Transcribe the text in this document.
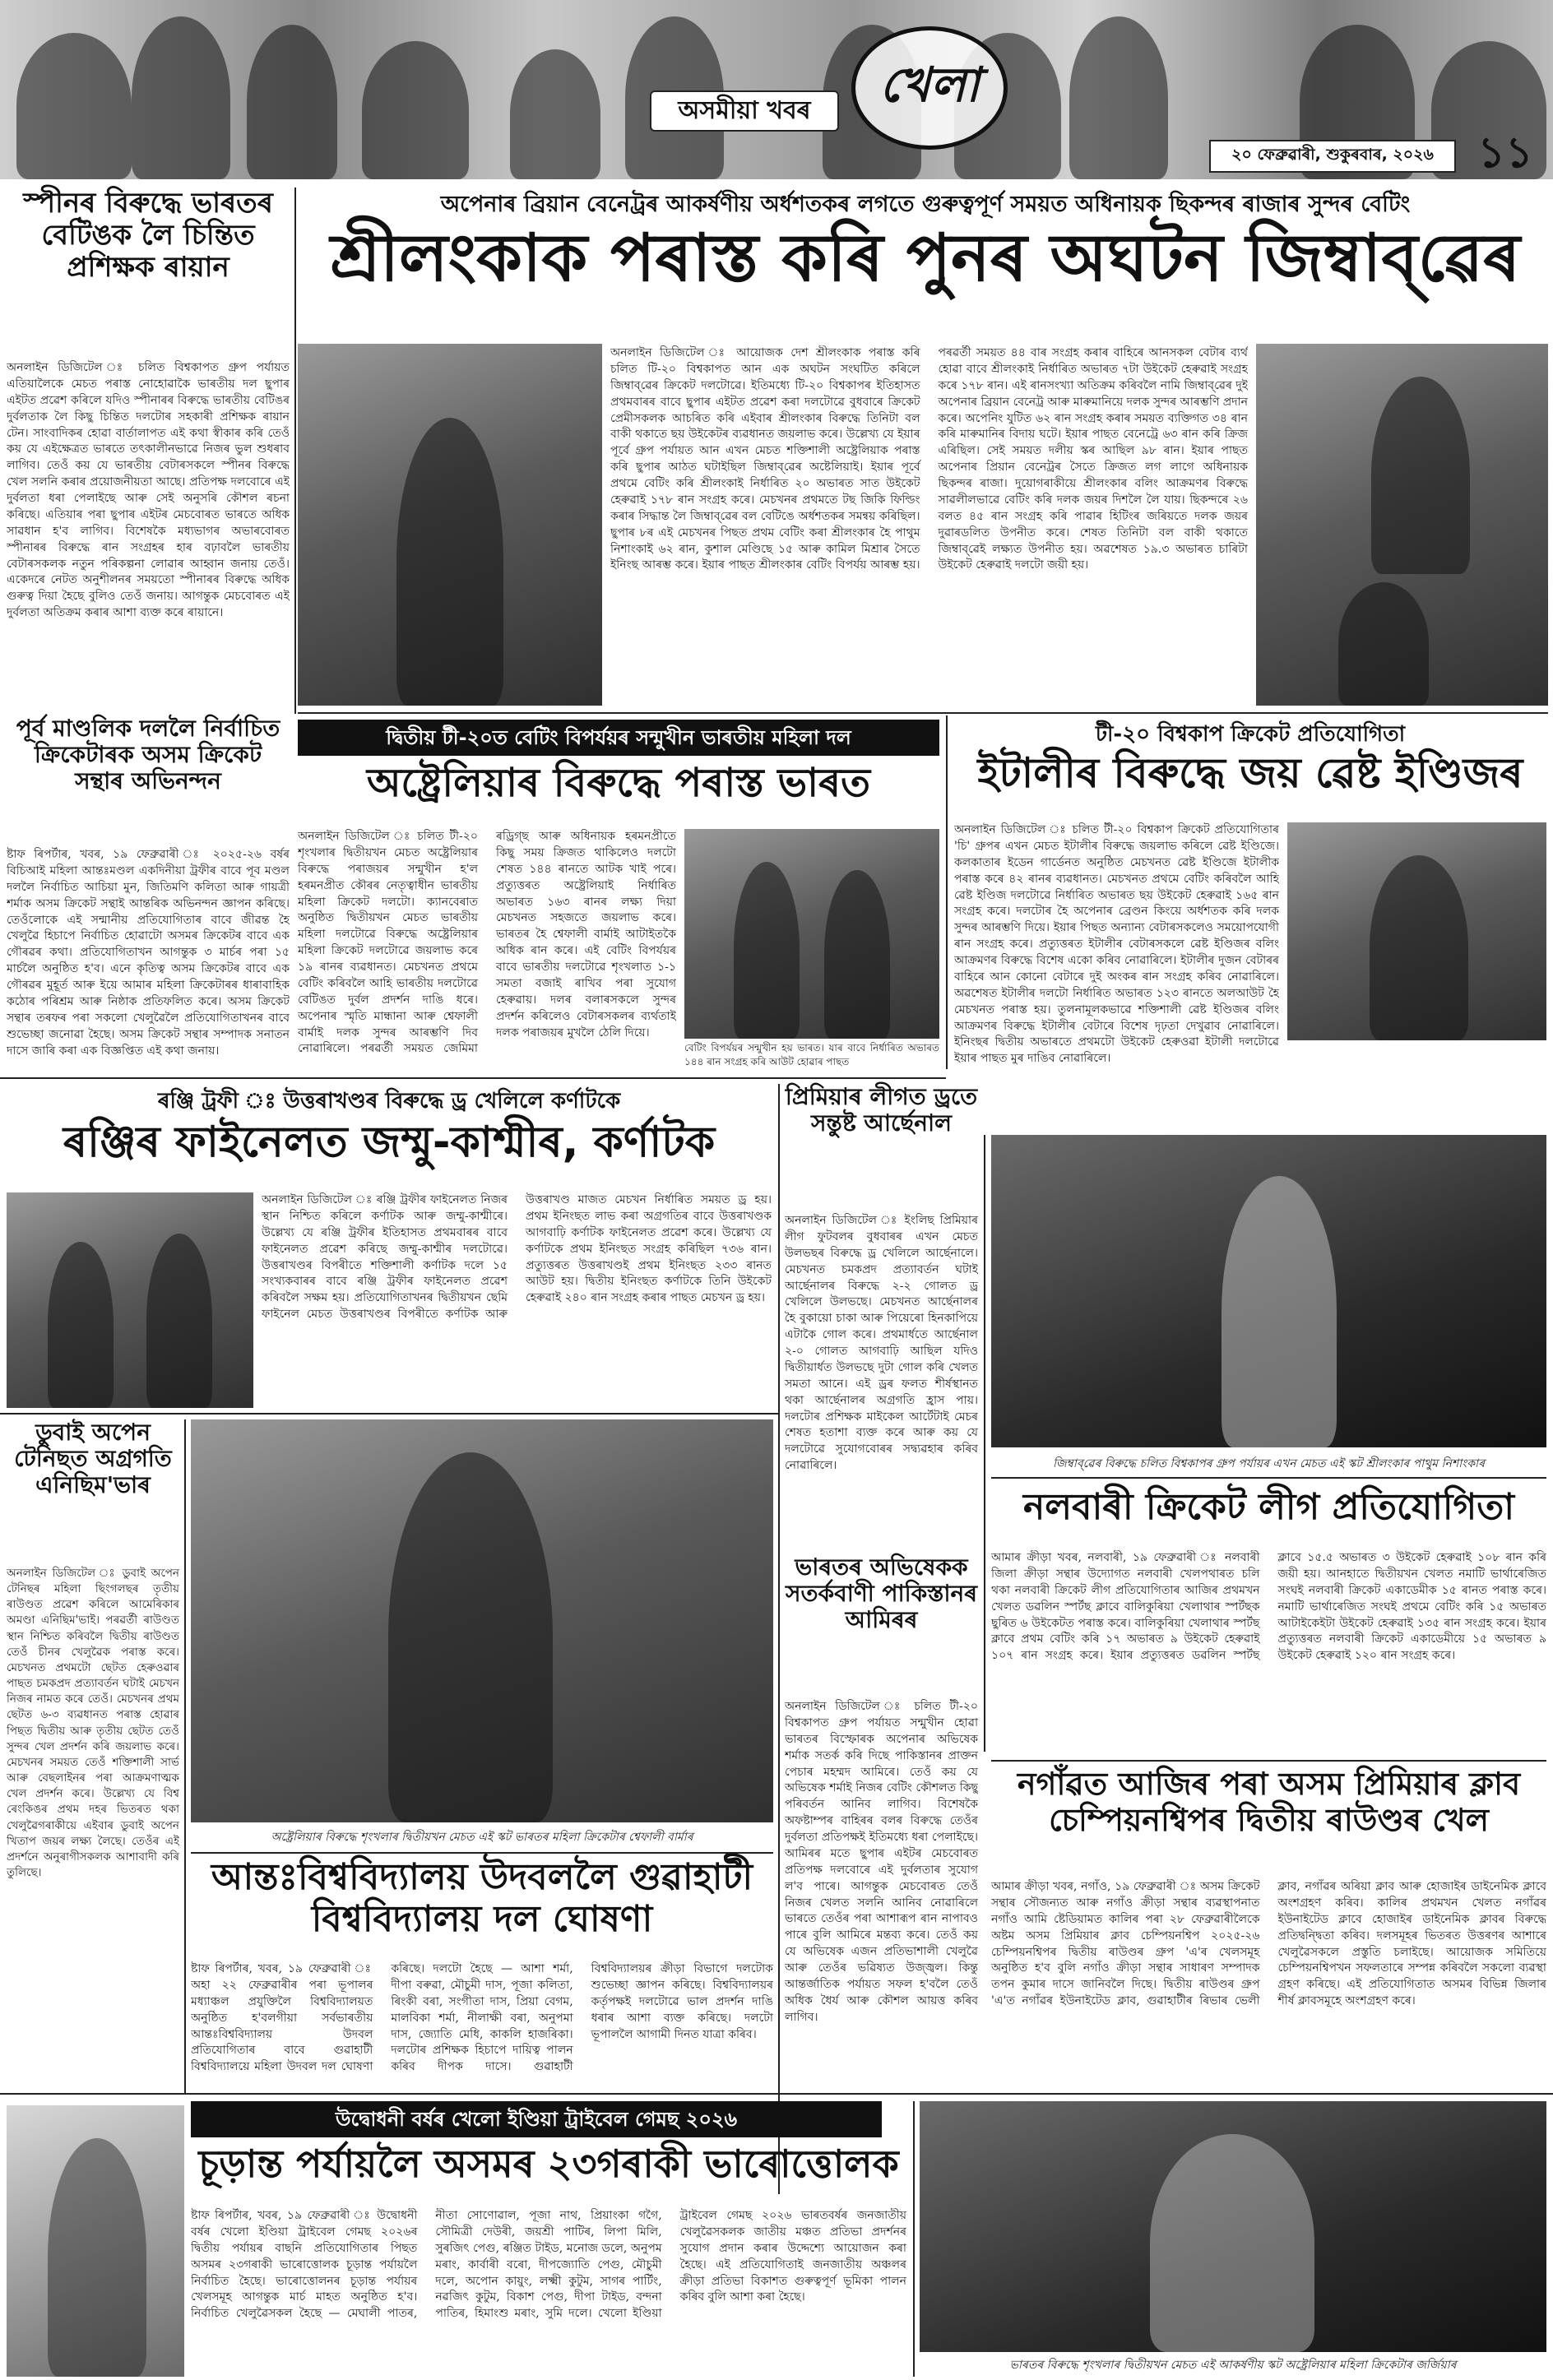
অসমীয়া খবৰ খেলা
২০ ফেব্ৰুৱাৰী, শুকুৰবাৰ, ২০২৬	১১
স্পীনৰ বিৰুদ্ধে ভাৰতৰ বেটিঙক লৈ চিন্তিত প্ৰশিক্ষক ৰায়ান
অনলাইন ডিজিটেল ঃ চলিত বিশ্বকাপত গ্ৰুপ পৰ্যায়ত এতিয়ালৈকে মেচত পৰাস্ত নোহোৱাকৈ ভাৰতীয় দল ছুপাৰ এইটত প্ৰৱেশ কৰিলে যদিও স্পীনাৰৰ বিৰুদ্ধে ভাৰতীয় বেটিঙৰ দুৰ্বলতাক লৈ কিছু চিন্তিত দলটোৰ সহকাৰী প্ৰশিক্ষক ৰায়ান টেন। সাংবাদিকৰ হোৱা বাৰ্তালাপত এই কথা স্বীকাৰ কৰি তেওঁ কয় যে এইক্ষেত্ৰত ভাৰতে তৎকালীনভাৱে নিজৰ ভুল শুধৰাব লাগিব। তেওঁ কয় যে ভাৰতীয় বেটাৰসকলে স্পীনৰ বিৰুদ্ধে খেল সলনি কৰাৰ প্ৰয়োজনীয়তা আছে। প্ৰতিপক্ষ দলবোৰে এই দুৰ্বলতা ধৰা পেলাইছে আৰু সেই অনুসৰি কৌশল ৰচনা কৰিছে। এতিয়াৰ পৰা ছুপাৰ এইটৰ মেচবোৰত ভাৰতে অধিক সাৱধান হ'ব লাগিব। বিশেষকৈ মধ্যভাগৰ অভাৰবোৰত স্পীনাৰৰ বিৰুদ্ধে ৰান সংগ্ৰহৰ হাৰ বঢ়াবলৈ ভাৰতীয় বেটাৰসকলক নতুন পৰিকল্পনা লোৱাৰ আহ্বান জনায় তেওঁ। একেদৰে নেটত অনুশীলনৰ সময়তো স্পীনাৰৰ বিৰুদ্ধে অধিক গুৰুত্ব দিয়া হৈছে বুলিও তেওঁ জনায়। আগন্তুক মেচবোৰত এই দুৰ্বলতা অতিক্ৰম কৰাৰ আশা ব্যক্ত কৰে ৰায়ানে।
অপেনাৰ ব্ৰিয়ান বেনেট্ৰৰ আকৰ্ষণীয় অৰ্ধশতকৰ লগতে গুৰুত্বপূৰ্ণ সময়ত অধিনায়ক ছিকন্দৰ ৰাজাৰ সুন্দৰ বেটিং
শ্ৰীলংকাক পৰাস্ত কৰি পুনৰ অঘটন জিম্বাব্‌ৱেৰ
অনলাইন ডিজিটেল ঃ আয়োজক দেশ শ্ৰীলংকাক পৰাস্ত কৰি চলিত টি-২০ বিশ্বকাপত আন এক অঘটন সংঘটিত কৰিলে জিম্বাব্‌ৱেৰ ক্ৰিকেট দলটোৱে। ইতিমধ্যে টি-২০ বিশ্বকাপৰ ইতিহাসত প্ৰথমবাৰৰ বাবে ছুপাৰ এইটত প্ৰৱেশ কৰা দলটোৱে বুধবাৰে ক্ৰিকেট প্ৰেমীসকলক আচৰিত কৰি এইবাৰ শ্ৰীলংকাৰ বিৰুদ্ধে তিনিটা বল বাকী থকাতে ছয় উইকেটৰ ব্যৱধানত জয়লাভ কৰে। উল্লেখ্য যে ইয়াৰ পূৰ্বে গ্ৰুপ পৰ্যায়ত আন এখন মেচত শক্তিশালী অষ্ট্ৰেলিয়াক পৰাস্ত কৰি ছুপাৰ আঠত ঘটাইছিল জিম্বাব্‌ৱেৰ অষ্টেলিয়াই। ইয়াৰ পূৰ্বে প্ৰথমে বেটিং কৰি শ্ৰীলংকাই নিৰ্ধাৰিত ২০ অভাৰত সাত উইকেট হেৰুৱাই ১৭৮ ৰান সংগ্ৰহ কৰে। মেচখনৰ প্ৰথমতে টছ জিকি ফিল্ডিং কৰাৰ সিদ্ধান্ত লৈ জিম্বাব্‌ৱেৰ বল বেটিঙে অৰ্ধশতকৰ সমন্বয় কৰিছিল। ছুপাৰ ৮ৰ এই মেচখনৰ পিছত প্ৰথম বেটিং কৰা শ্ৰীলংকাৰ হৈ পাথুম নিশাংকাই ৬২ ৰান, কুশাল মেণ্ডিছে ১৫ আৰু কামিল মিশ্ৰাৰ সৈতে ইনিংছ আৰম্ভ কৰে। ইয়াৰ পাছত শ্ৰীলংকাৰ বেটিং বিপৰ্যয় আৰম্ভ হয়। পৰৱৰ্তী সময়ত ৪৪ বাৰ সংগ্ৰহ কৰাৰ বাহিৰে আনসকল বেটাৰ ব্যৰ্থ হোৱা বাবে শ্ৰীলংকাই নিৰ্ধাৰিত অভাৰত ৭টা উইকেট হেৰুৱাই সংগ্ৰহ কৰে ১৭৮ ৰান। এই ৰানসংখ্যা অতিক্ৰম কৰিবলৈ নামি জিম্বাব্‌ৱেৰ দুই অপেনাৰ ব্ৰিয়ান বেনেট্ৰ আৰু মাৰুমানিয়ে দলক সুন্দৰ আৰম্ভণি প্ৰদান কৰে। অপেনিং যুটিত ৬২ ৰান সংগ্ৰহ কৰাৰ সময়ত ব্যক্তিগত ৩৪ ৰান কৰি মাৰুমানিৰ বিদায় ঘটে। ইয়াৰ পাছত বেনেট্ৰে ৬৩ ৰান কৰি ক্ৰিজ এৰিছিল। সেই সময়ত দলীয় স্কৰ আছিল ৯৮ ৰান। ইয়াৰ পাছত অপেনাৰ প্ৰিয়ান বেনেট্ৰৰ সৈতে ক্ৰিজত লগ লাগে অধিনায়ক ছিকন্দৰ ৰাজা। দুয়োগৰাকীয়ে শ্ৰীলংকাৰ বলিং আক্ৰমণৰ বিৰুদ্ধে সাৱলীলভাৱে বেটিং কৰি দলক জয়ৰ দিশলৈ লৈ যায়। ছিকন্দৰে ২৬ বলত ৪৫ ৰান সংগ্ৰহ কৰি পাৱাৰ হিটিংৰ জৰিয়তে দলক জয়ৰ দুৱাৰডলিত উপনীত কৰে। শেষত তিনিটা বল বাকী থকাতে জিম্বাব্‌ৱেই লক্ষ্যত উপনীত হয়। অৱশেষত ১৯.৩ অভাৰত চাৰিটা উইকেট হেৰুৱাই দলটো জয়ী হয়।
পূৰ্ব মাণ্ডলিক দললৈ নিৰ্বাচিত ক্ৰিকেটাৰক অসম ক্ৰিকেট সন্থাৰ অভিনন্দন
ষ্টাফ ৰিপৰ্টাৰ, খবৰ, ১৯ ফেব্ৰুৱাৰী ঃ ২০২৫-২৬ বৰ্ষৰ বিচিআই মহিলা আন্তঃমণ্ডল একদিনীয়া ট্ৰফীৰ বাবে পূব মণ্ডল দললৈ নিৰ্বাচিত আচিয়া মুন, জিতিমণি কলিতা আৰু গায়ত্ৰী শৰ্মাক অসম ক্ৰিকেট সন্থাই আন্তৰিক অভিনন্দন জ্ঞাপন কৰিছে। তেওঁলোকে এই সন্মানীয় প্ৰতিযোগিতাৰ বাবে জীৱন্ত হৈ খেলুৱৈ হিচাপে নিৰ্বাচিত হোৱাটো অসমৰ ক্ৰিকেটৰ বাবে এক গৌৰৱৰ কথা। প্ৰতিযোগিতাখন আগন্তুক ৩ মাৰ্চৰ পৰা ১৫ মাৰ্চলৈ অনুষ্ঠিত হ'ব। এনে কৃতিত্ব অসম ক্ৰিকেটৰ বাবে এক গৌৰৱৰ মুহূৰ্ত আৰু ইয়ে আমাৰ মহিলা ক্ৰিকেটাৰৰ ধাৰাবাহিক কঠোৰ পৰিশ্ৰম আৰু নিষ্ঠাক প্ৰতিফলিত কৰে। অসম ক্ৰিকেট সন্থাৰ তৰফৰ পৰা সকলো খেলুৱৈলৈ প্ৰতিযোগিতাখনৰ বাবে শুভেচ্ছা জনোৱা হৈছে। অসম ক্ৰিকেট সন্থাৰ সম্পাদক সনাতন দাসে জাৰি কৰা এক বিজ্ঞপ্তিত এই কথা জনায়।
দ্বিতীয় টী-২০ত বেটিং বিপৰ্যয়ৰ সন্মুখীন ভাৰতীয় মহিলা দল
অষ্ট্ৰেলিয়াৰ বিৰুদ্ধে পৰাস্ত ভাৰত
অনলাইন ডিজিটেল ঃ চলিত টী-২০ শৃংখলাৰ দ্বিতীয়খন মেচত অষ্ট্ৰেলিয়াৰ বিৰুদ্ধে পৰাজয়ৰ সন্মুখীন হ'ল হৰমনপ্ৰীত কৌৰৰ নেতৃত্বাধীন ভাৰতীয় মহিলা ক্ৰিকেট দলটো। ক্যানবেৰাত অনুষ্ঠিত দ্বিতীয়খন মেচত ভাৰতীয় মহিলা দলটোৱে বিৰুদ্ধে অষ্ট্ৰেলিয়াৰ মহিলা ক্ৰিকেট দলটোৱে জয়লাভ কৰে ১৯ ৰানৰ ব্যৱধানত। মেচখনত প্ৰথমে বেটিং কৰিবলৈ আহি ভাৰতীয় দলটোৱে বেটিঙত দুৰ্বল প্ৰদৰ্শন দাঙি ধৰে। অপেনাৰ স্মৃতি মান্ধানা আৰু শ্বেফালী বাৰ্মাই দলক সুন্দৰ আৰম্ভণি দিব নোৱাৰিলে। পৰৱৰ্তী সময়ত জেমিমা ৰড্ৰিগ্‌ছ আৰু অধিনায়ক হৰমনপ্ৰীতে কিছু সময় ক্ৰিজত থাকিলেও দলটো শেষত ১৪৪ ৰানতে আটক খাই পৰে। প্ৰত্যুত্তৰত অষ্ট্ৰেলিয়াই নিৰ্ধাৰিত অভাৰত ১৬৩ ৰানৰ লক্ষ্য দিয়া মেচখনত সহজতে জয়লাভ কৰে। ভাৰতৰ হৈ শ্বেফালী বাৰ্মাই আটাইতকৈ অধিক ৰান কৰে। এই বেটিং বিপৰ্যয়ৰ বাবে ভাৰতীয় দলটোৱে শৃংখলাত ১-১ সমতা বজাই ৰাখিব পৰা সুযোগ হেৰুৱায়। দলৰ বলাৰসকলে সুন্দৰ প্ৰদৰ্শন কৰিলেও বেটাৰসকলৰ ব্যৰ্থতাই দলক পৰাজয়ৰ মুখলৈ ঠেলি দিয়ে।
বেটিং বিপৰ্যয়ৰ সন্মুখীন হয় ভাৰত। যাৰ বাবে নিৰ্ধাৰিত অভাৰত ১৪৪ ৰান সংগ্ৰহ কৰি আউট হোৱাৰ পাছত
টী-২০ বিশ্বকাপ ক্ৰিকেট প্ৰতিযোগিতা
ইটালীৰ বিৰুদ্ধে জয় ৱেষ্ট ইণ্ডিজৰ
অনলাইন ডিজিটেল ঃ চলিত টী-২০ বিশ্বকাপ ক্ৰিকেট প্ৰতিযোগিতাৰ 'চি' গ্ৰুপৰ এখন মেচত ইটালীৰ বিৰুদ্ধে জয়লাভ কৰিলে ৱেষ্ট ইণ্ডিজে। কলকাতাৰ ইডেন গাৰ্ডেনত অনুষ্ঠিত মেচখনত ৱেষ্ট ইণ্ডিজে ইটালীক পৰাস্ত কৰে ৪২ ৰানৰ ব্যৱধানত। মেচখনত প্ৰথমে বেটিং কৰিবলৈ আহি ৱেষ্ট ইণ্ডিজ দলটোৱে নিৰ্ধাৰিত অভাৰত ছয় উইকেট হেৰুৱাই ১৬৫ ৰান সংগ্ৰহ কৰে। দলটোৰ হৈ অপেনাৰ ব্ৰেণ্ডন কিংয়ে অৰ্ধশতক কৰি দলক সুন্দৰ আৰম্ভণি দিয়ে। ইয়াৰ পিছত অন্যান্য বেটাৰসকলেও সময়োপযোগী ৰান সংগ্ৰহ কৰে। প্ৰত্যুত্তৰত ইটালীৰ বেটাৰসকলে ৱেষ্ট ইণ্ডিজৰ বলিং আক্ৰমণৰ বিৰুদ্ধে বিশেষ একো কৰিব নোৱাৰিলে। ইটালীৰ দুজন বেটাৰৰ বাহিৰে আন কোনো বেটাৰে দুই অংকৰ ৰান সংগ্ৰহ কৰিব নোৱাৰিলে। অৱশেষত ইটালীৰ দলটো নিৰ্ধাৰিত অভাৰত ১২৩ ৰানতে অলআউট হৈ মেচখনত পৰাস্ত হয়। তুলনামূলকভাৱে শক্তিশালী ৱেষ্ট ইণ্ডিজৰ বলিং আক্ৰমণৰ বিৰুদ্ধে ইটালীৰ বেটাৰে বিশেষ দৃঢ়তা দেখুৱাব নোৱাৰিলে। ইনিংছৰ দ্বিতীয় অভাৰতে প্ৰথমটো উইকেট হেৰুওৱা ইটালী দলটোৱে ইয়াৰ পাছত মুৰ দাঙিব নোৱাৰিলে।
ৰঞ্জি ট্ৰফী ঃ উত্তৰাখণ্ডৰ বিৰুদ্ধে ড্ৰ খেলিলে কৰ্ণাটকে
ৰঞ্জিৰ ফাইনেলত জম্মু-কাশ্মীৰ, কৰ্ণাটক
অনলাইন ডিজিটেল ঃ ৰঞ্জি ট্ৰফীৰ ফাইনেলত নিজৰ স্থান নিশ্চিত কৰিলে কৰ্ণাটক আৰু জম্মু-কাশ্মীৰে। উল্লেখ্য যে ৰঞ্জি ট্ৰফীৰ ইতিহাসত প্ৰথমবাৰৰ বাবে ফাইনেলত প্ৰৱেশ কৰিছে জম্মু-কাশ্মীৰ দলটোৱে। উত্তৰাখণ্ডৰ বিপৰীতে শক্তিশালী কৰ্ণাটক দলে ১৫ সংখ্যকবাৰৰ বাবে ৰঞ্জি ট্ৰফীৰ ফাইনেলত প্ৰৱেশ কৰিবলৈ সক্ষম হয়। প্ৰতিযোগিতাখনৰ দ্বিতীয়খন ছেমি ফাইনেল মেচত উত্তৰাখণ্ডৰ বিপৰীতে কৰ্ণাটক আৰু উত্তৰাখণ্ড মাজত মেচখন নিৰ্ধাৰিত সময়ত ড্ৰ হয়। প্ৰথম ইনিংছত লাভ কৰা অগ্ৰগতিৰ বাবে উত্তৰাখণ্ডক আগবাঢ়ি কৰ্ণাটক ফাইনেলত প্ৰৱেশ কৰে। উল্লেখ্য যে কৰ্ণাটকে প্ৰথম ইনিংছত সংগ্ৰহ কৰিছিল ৭৩৬ ৰান। প্ৰত্যুত্তৰত উত্তৰাখণ্ডই প্ৰথম ইনিংছত ২৩৩ ৰানত আউট হয়। দ্বিতীয় ইনিংছত কৰ্ণাটকে তিনি উইকেট হেৰুৱাই ২৪০ ৰান সংগ্ৰহ কৰাৰ পাছত মেচখন ড্ৰ হয়।
প্ৰিমিয়াৰ লীগত ড্ৰতে সন্তুষ্ট আৰ্ছেনাল
অনলাইন ডিজিটেল ঃ ইংলিছ প্ৰিমিয়াৰ লীগ ফুটবলৰ বুধবাৰৰ এখন মেচত উলভছৰ বিৰুদ্ধে ড্ৰ খেলিলে আৰ্ছেনালে। মেচখনত চমকপ্ৰদ প্ৰত্যাবৰ্তন ঘটাই আৰ্ছেনালৰ বিৰুদ্ধে ২-২ গোলত ড্ৰ খেলিলে উলভছে। মেচখনত আৰ্ছেনালৰ হৈ বুকায়ো চাকা আৰু পিয়েৰো হিনকাপিয়ে এটাকৈ গোল কৰে। প্ৰথমাৰ্ধতে আৰ্ছেনাল ২-০ গোলত আগবাঢ়ি আছিল যদিও দ্বিতীয়াৰ্ধত উলভছে দুটা গোল কৰি খেলত সমতা আনে। এই ড্ৰৰ ফলত শীৰ্ষস্থানত থকা আৰ্ছেনালৰ অগ্ৰগতি হ্ৰাস পায়। দলটোৰ প্ৰশিক্ষক মাইকেল আৰ্টেটাই মেচৰ শেষত হতাশা ব্যক্ত কৰে আৰু কয় যে দলটোৱে সুযোগবোৰৰ সদ্ব্যৱহাৰ কৰিব নোৱাৰিলে।	জিম্বাব্‌ৱেৰ বিৰুদ্ধে চলিত বিশ্বকাপৰ গ্ৰুপ পৰ্যায়ৰ এখন মেচত এই স্কট শ্ৰীলংকাৰ পাথুম নিশাংকাৰ
ডুবাই অপেন টেনিছত অগ্ৰগতি এনিছিম'ভাৰ
অনলাইন ডিজিটেল ঃ ডুবাই অপেন টেনিছৰ মহিলা ছিংগলছৰ তৃতীয় ৰাউণ্ডত প্ৰৱেশ কৰিলে আমেৰিকাৰ অমণ্ডা এনিছিম'ভাই। পৰৱৰ্তী ৰাউণ্ডত স্থান নিশ্চিত কৰিবলৈ দ্বিতীয় ৰাউণ্ডত তেওঁ চীনৰ খেলুৱৈক পৰাস্ত কৰে। মেচখনত প্ৰথমটো ছেটত হেৰুওৱাৰ পাছত চমকপ্ৰদ প্ৰত্যাবৰ্তন ঘটাই মেচখন নিজৰ নামত কৰে তেওঁ। মেচখনৰ প্ৰথম ছেটত ৬-৩ ব্যৱধানত পৰাস্ত হোৱাৰ পিছত দ্বিতীয় আৰু তৃতীয় ছেটত তেওঁ সুন্দৰ খেল প্ৰদৰ্শন কৰি জয়লাভ কৰে। মেচখনৰ সময়ত তেওঁ শক্তিশালী সাৰ্ভ আৰু বেছলাইনৰ পৰা আক্ৰমণাত্মক খেল প্ৰদৰ্শন কৰে। উল্লেখ্য যে বিশ্ব ৰেংকিঙৰ প্ৰথম দহৰ ভিতৰত থকা খেলুৱৈগৰাকীয়ে এইবাৰ ডুবাই অপেন খিতাপ জয়ৰ লক্ষ্য লৈছে। তেওঁৰ এই প্ৰদৰ্শনে অনুৰাগীসকলক আশাবাদী কৰি তুলিছে।
অষ্ট্ৰেলিয়াৰ বিৰুদ্ধে শৃংখলাৰ দ্বিতীয়খন মেচত এই স্কট ভাৰতৰ মহিলা ক্ৰিকেটাৰ শ্বেফালী বাৰ্মাৰ
ভাৰতৰ অভিষেকক সতৰ্কবাণী পাকিস্তানৰ আমিৰৰ
অনলাইন ডিজিটেল ঃ চলিত টী-২০ বিশ্বকাপত গ্ৰুপ পৰ্যায়ত সন্মুখীন হোৱা ভাৰতৰ বিস্ফোৰক অপেনাৰ অভিষেক শৰ্মাক সতৰ্ক কৰি দিছে পাকিস্তানৰ প্ৰাক্তন পেচাৰ মহম্মদ আমিৰে। তেওঁ কয় যে অভিষেক শৰ্মাই নিজৰ বেটিং কৌশলত কিছু পৰিবৰ্তন আনিব লাগিব। বিশেষকৈ অফষ্টাম্পৰ বাহিৰৰ বলৰ বিৰুদ্ধে তেওঁৰ দুৰ্বলতা প্ৰতিপক্ষই ইতিমধ্যে ধৰা পেলাইছে। আমিৰৰ মতে ছুপাৰ এইটৰ মেচবোৰত প্ৰতিপক্ষ দলবোৰে এই দুৰ্বলতাৰ সুযোগ ল'ব পাৰে। আগন্তুক মেচবোৰত তেওঁ নিজৰ খেলত সলনি আনিব নোৱাৰিলে ভাৰতে তেওঁৰ পৰা আশাৰূপ ৰান নাপাবও পাৰে বুলি আমিৰে মন্তব্য কৰে। তেওঁ কয় যে অভিষেক এজন প্ৰতিভাশালী খেলুৱৈ আৰু তেওঁৰ ভৱিষ্যত উজ্জ্বল। কিন্তু আন্তৰ্জাতিক পৰ্যায়ত সফল হ'বলৈ তেওঁ অধিক ধৈৰ্য আৰু কৌশল আয়ত্ত কৰিব লাগিব।
নলবাৰী ক্ৰিকেট লীগ প্ৰতিযোগিতা
আমাৰ ক্ৰীড়া খবৰ, নলবাৰী, ১৯ ফেব্ৰুৱাৰী ঃ নলবাৰী জিলা ক্ৰীড়া সন্থাৰ উদ্যোগত নলবাৰী খেলপথাৰত চলি থকা নলবাৰী ক্ৰিকেট লীগ প্ৰতিযোগিতাৰ আজিৰ প্ৰথমখন খেলত ডৱলিন স্পৰ্টছ ক্লাবে বালিকুৰিয়া খেলাথাৰ স্পৰ্টছক ছুৰিত ৬ উইকেটত পৰাস্ত কৰে। বালিকুৰিয়া খেলাথাৰ স্পৰ্টছ ক্লাবে প্ৰথম বেটিং কৰি ১৭ অভাৰত ৯ উইকেট হেৰুৱাই ১০৭ ৰান সংগ্ৰহ কৰে। ইয়াৰ প্ৰত্যুত্তৰত ডৱলিন স্পৰ্টছ ক্লাবে ১৫.৫ অভাৰত ৩ উইকেট হেৰুৱাই ১০৮ ৰান কৰি জয়ী হয়। আনহাতে দ্বিতীয়খন খেলত নমাটি ভাৰ্থাৰেজিত সংঘই নলবাৰী ক্ৰিকেট একাডেমীক ১৫ ৰানত পৰাস্ত কৰে। নমাটি ভাৰ্থাৰেজিত সংঘই প্ৰথমে বেটিং কৰি ১৫ অভাৰত আটাইকেইটা উইকেট হেৰুৱাই ১৩৫ ৰান সংগ্ৰহ কৰে। ইয়াৰ প্ৰত্যুত্তৰত নলবাৰী ক্ৰিকেট একাডেমীয়ে ১৫ অভাৰত ৯ উইকেট হেৰুৱাই ১২০ ৰান সংগ্ৰহ কৰে।
নগাঁৱত আজিৰ পৰা অসম প্ৰিমিয়াৰ ক্লাব চেম্পিয়নশ্বিপৰ দ্বিতীয় ৰাউণ্ডৰ খেল
আমাৰ ক্ৰীড়া খবৰ, নগাঁও, ১৯ ফেব্ৰুৱাৰী ঃ অসম ক্ৰিকেট সন্থাৰ সৌজন্যত আৰু নগাঁও ক্ৰীড়া সন্থাৰ ব্যৱস্থাপনাত নগাঁও আমি ষ্টেডিয়ামত কালিৰ পৰা ২৮ ফেব্ৰুৱাৰীলৈকে অষ্টম অসম প্ৰিমিয়াৰ ক্লাব চেম্পিয়নশ্বিপ ২০২৫-২৬ চেম্পিয়নশ্বিপৰ দ্বিতীয় ৰাউণ্ডৰ গ্ৰুপ 'এ'ৰ খেলসমূহ অনুষ্ঠিত হ'ব বুলি নগাঁও ক্ৰীড়া সন্থাৰ সাধাৰণ সম্পাদক তপন কুমাৰ দাসে জানিবলৈ দিছে। দ্বিতীয় ৰাউণ্ডৰ গ্ৰুপ 'এ'ত নগাঁৱৰ ইউনাইটেড ক্লাব, গুৱাহাটীৰ ৰিভাৰ ভেলী ক্লাব, নগাঁৱৰ অৰিয়া ক্লাব আৰু হোজাইৰ ডাইনেমিক ক্লাবে অংশগ্ৰহণ কৰিব। কালিৰ প্ৰথমখন খেলত নগাঁৱৰ ইউনাইটেড ক্লাবে হোজাইৰ ডাইনেমিক ক্লাবৰ বিৰুদ্ধে প্ৰতিদ্বন্দ্বিতা কৰিব। দলসমূহৰ ভিতৰত উত্তৰণৰ আশাৰে খেলুৱৈসকলে প্ৰস্তুতি চলাইছে। আয়োজক সমিতিয়ে চেম্পিয়নশ্বিপখন সফলতাৰে সম্পন্ন কৰিবলৈ সকলো ব্যৱস্থা গ্ৰহণ কৰিছে। এই প্ৰতিযোগিতাত অসমৰ বিভিন্ন জিলাৰ শীৰ্ষ ক্লাবসমূহে অংশগ্ৰহণ কৰে।
আন্তঃবিশ্ববিদ্যালয় উদবললৈ গুৱাহাটী বিশ্ববিদ্যালয় দল ঘোষণা
ষ্টাফ ৰিপৰ্টাৰ, খবৰ, ১৯ ফেব্ৰুৱাৰী ঃ অহা ২২ ফেব্ৰুৱাৰীৰ পৰা ভূপালৰ মধ্যাঞ্চল প্ৰযুক্তিলৈ বিশ্ববিদ্যালয়ত অনুষ্ঠিত হ'বলগীয়া সৰ্বভাৰতীয় আন্তঃবিশ্ববিদ্যালয় উদবল প্ৰতিযোগিতাৰ বাবে গুৱাহাটী বিশ্ববিদ্যালয়ে মহিলা উদবল দল ঘোষণা কৰিছে। দলটো হৈছে — আশা শৰ্মা, দীপা বৰুৱা, মৌচুমী দাস, পূজা কলিতা, ৰিংকী বৰা, সংগীতা দাস, প্ৰিয়া বেগম, মালবিকা শৰ্মা, নীলাক্ষী বৰা, অনুপমা দাস, জ্যোতি মেধি, কাকলি হাজৰিকা। দলটোৰ প্ৰশিক্ষক হিচাপে দায়িত্ব পালন কৰিব দীপক দাসে। গুৱাহাটী বিশ্ববিদ্যালয়ৰ ক্ৰীড়া বিভাগে দলটোক শুভেচ্ছা জ্ঞাপন কৰিছে। বিশ্ববিদ্যালয়ৰ কৰ্তৃপক্ষই দলটোৱে ভাল প্ৰদৰ্শন দাঙি ধৰাৰ আশা ব্যক্ত কৰিছে। দলটো ভূপাললৈ আগামী দিনত যাত্ৰা কৰিব।
উদ্বোধনী বৰ্ষৰ খেলো ইণ্ডিয়া ট্ৰাইবেল গেমছ ২০২৬
চূড়ান্ত পৰ্যায়লৈ অসমৰ ২৩গৰাকী ভাৰোত্তোলক
ষ্টাফ ৰিপৰ্টাৰ, খবৰ, ১৯ ফেব্ৰুৱাৰী ঃ উদ্বোধনী বৰ্ষৰ খেলো ইণ্ডিয়া ট্ৰাইবেল গেমছ ২০২৬ৰ দ্বিতীয় পৰ্যায়ৰ বাছনি প্ৰতিযোগিতাৰ পিছত অসমৰ ২৩গৰাকী ভাৰোত্তোলক চূড়ান্ত পৰ্যায়লৈ নিৰ্বাচিত হৈছে। ভাৰোত্তোলনৰ চূড়ান্ত পৰ্যায়ৰ খেলসমূহ আগন্তুক মাৰ্চ মাহত অনুষ্ঠিত হ'ব। নিৰ্বাচিত খেলুৱৈসকল হৈছে — মেঘালী পাতৰ, নীতা সোণোৱাল, পূজা নাথ, প্ৰিয়াংকা গগৈ, সৌমিত্ৰী দেউৰী, জয়শ্ৰী পাটিৰ, লিপা মিলি, সুৰজিৎ পেগু, ৰঞ্জিত টাইড, মনোজ ডলে, অনুপম মৰাং, কাৰ্বাৰী বৰো, দীপজ্যোতি পেগু, মৌচুমী দলে, অপোন কায়ুং, লক্ষ্মী কুটুম, সাগৰ পাৰ্টিং, নৱজিৎ কুটুম, বিকাশ পেগু, দীপা টাইড, বন্দনা পাতিৰ, হিমাংশু মৰাং, সুমি দলে। খেলো ইণ্ডিয়া ট্ৰাইবেল গেমছ ২০২৬ ভাৰতবৰ্ষৰ জনজাতীয় খেলুৱৈসকলক জাতীয় মঞ্চত প্ৰতিভা প্ৰদৰ্শনৰ সুযোগ প্ৰদান কৰাৰ উদ্দেশ্যে আয়োজন কৰা হৈছে। এই প্ৰতিযোগিতাই জনজাতীয় অঞ্চলৰ ক্ৰীড়া প্ৰতিভা বিকাশত গুৰুত্বপূৰ্ণ ভূমিকা পালন কৰিব বুলি আশা কৰা হৈছে।
ভাৰতৰ বিৰুদ্ধে শৃংখলাৰ দ্বিতীয়খন মেচত এই আকৰ্ষণীয় স্কট অষ্ট্ৰেলিয়াৰ মহিলা ক্ৰিকেটাৰ জৰ্জিয়াৰ
